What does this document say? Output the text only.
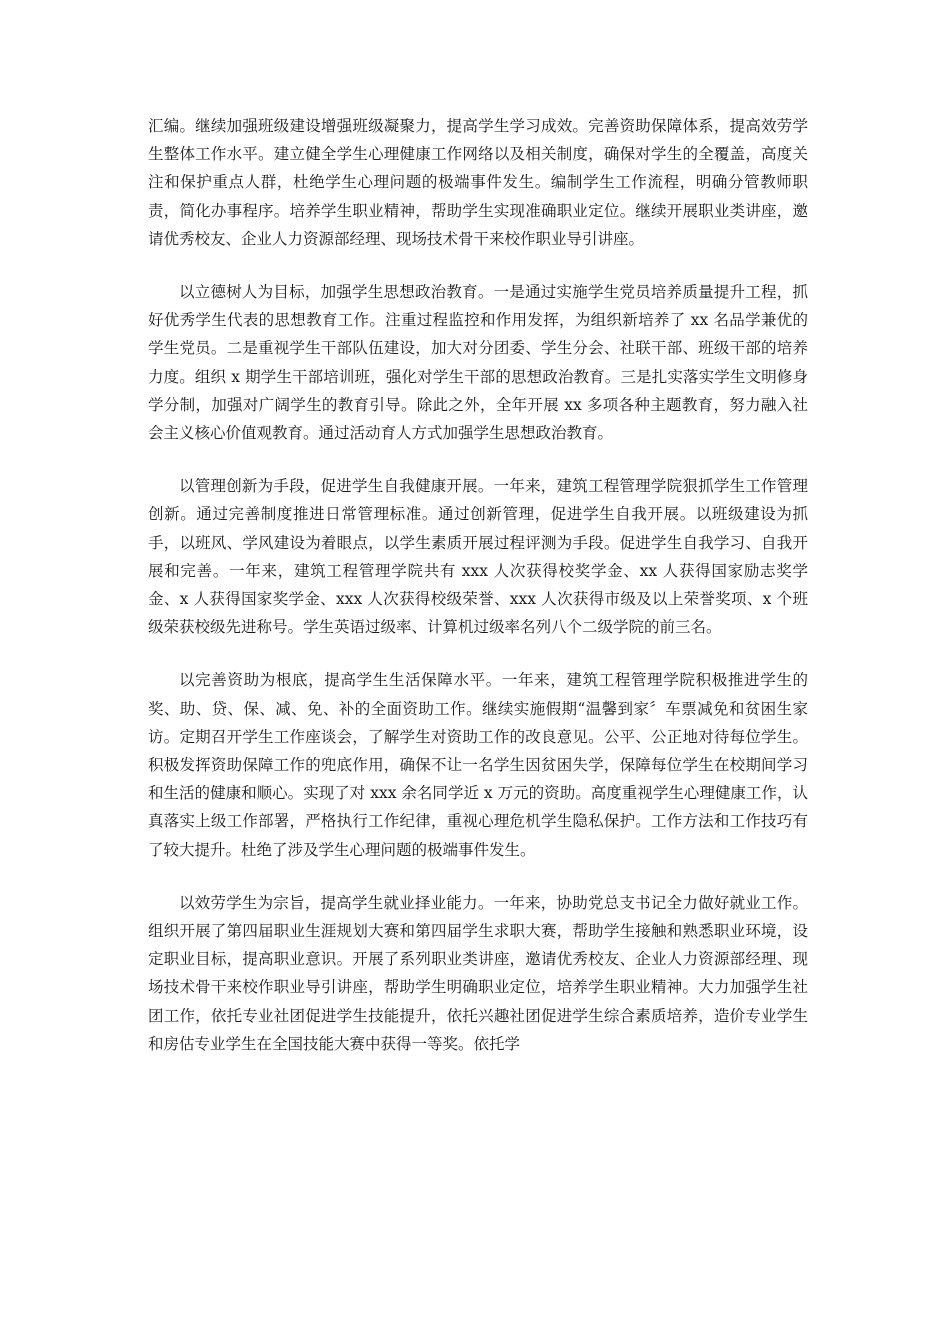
汇编。继续加强班级建设增强班级凝聚力，提高学生学习成效。完善资助保障体系，提高效劳学生整体工作水平。建立健全学生心理健康工作网络以及相关制度，确保对学生的全覆盖，高度关注和保护重点人群，杜绝学生心理问题的极端事件发生。编制学生工作流程，明确分管教师职责，简化办事程序。培养学生职业精神，帮助学生实现准确职业定位。继续开展职业类讲座，邀请优秀校友、企业人力资源部经理、现场技术骨干来校作职业导引讲座。

以立德树人为目标，加强学生思想政治教育。一是通过实施学生党员培养质量提升工程，抓好优秀学生代表的思想教育工作。注重过程监控和作用发挥，为组织新培养了 xx 名品学兼优的学生党员。二是重视学生干部队伍建设，加大对分团委、学生分会、社联干部、班级干部的培养力度。组织 x 期学生干部培训班，强化对学生干部的思想政治教育。三是扎实落实学生文明修身学分制，加强对广阔学生的教育引导。除此之外，全年开展 xx 多项各种主题教育，努力融入社会主义核心价值观教育。通过活动育人方式加强学生思想政治教育。

以管理创新为手段，促进学生自我健康开展。一年来，建筑工程管理学院狠抓学生工作管理创新。通过完善制度推进日常管理标准。通过创新管理，促进学生自我开展。以班级建设为抓手，以班风、学风建设为着眼点，以学生素质开展过程评测为手段。促进学生自我学习、自我开展和完善。一年来，建筑工程管理学院共有 xxx 人次获得校奖学金、xx 人获得国家励志奖学金、x 人获得国家奖学金、xxx 人次获得校级荣誉、xxx 人次获得市级及以上荣誉奖项、x 个班级荣获校级先进称号。学生英语过级率、计算机过级率名列八个二级学院的前三名。

以完善资助为根底，提高学生生活保障水平。一年来，建筑工程管理学院积极推进学生的奖、助、贷、保、减、免、补的全面资助工作。继续实施假期“温馨到家〞车票减免和贫困生家访。定期召开学生工作座谈会，了解学生对资助工作的改良意见。公平、公正地对待每位学生。积极发挥资助保障工作的兜底作用，确保不让一名学生因贫困失学，保障每位学生在校期间学习和生活的健康和顺心。实现了对 xxx 余名同学近 x 万元的资助。高度重视学生心理健康工作，认真落实上级工作部署，严格执行工作纪律，重视心理危机学生隐私保护。工作方法和工作技巧有了较大提升。杜绝了涉及学生心理问题的极端事件发生。

以效劳学生为宗旨，提高学生就业择业能力。一年来，协助党总支书记全力做好就业工作。组织开展了第四届职业生涯规划大赛和第四届学生求职大赛，帮助学生接触和熟悉职业环境，设定职业目标，提高职业意识。开展了系列职业类讲座，邀请优秀校友、企业人力资源部经理、现场技术骨干来校作职业导引讲座，帮助学生明确职业定位，培养学生职业精神。大力加强学生社团工作，依托专业社团促进学生技能提升，依托兴趣社团促进学生综合素质培养，造价专业学生和房估专业学生在全国技能大赛中获得一等奖。依托学
